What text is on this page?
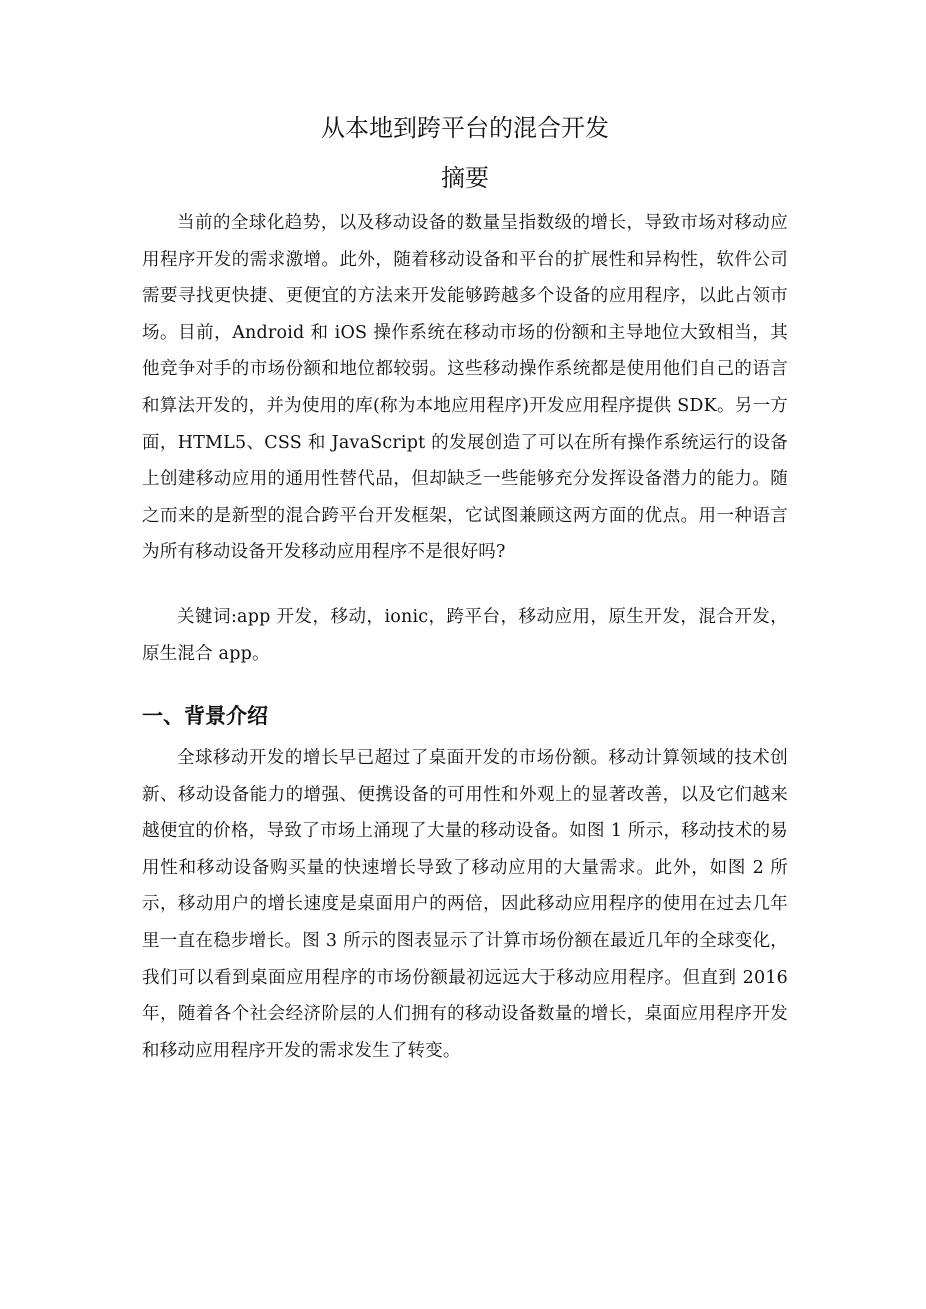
从本地到跨平台的混合开发
摘要

当前的全球化趋势，以及移动设备的数量呈指数级的增长，导致市场对移动应用程序开发的需求激增。此外，随着移动设备和平台的扩展性和异构性，软件公司需要寻找更快捷、更便宜的方法来开发能够跨越多个设备的应用程序，以此占领市场。目前，Android 和 iOS 操作系统在移动市场的份额和主导地位大致相当，其他竞争对手的市场份额和地位都较弱。这些移动操作系统都是使用他们自己的语言和算法开发的，并为使用的库(称为本地应用程序)开发应用程序提供 SDK。另一方面，HTML5、CSS 和 JavaScript 的发展创造了可以在所有操作系统运行的设备上创建移动应用的通用性替代品，但却缺乏一些能够充分发挥设备潜力的能力。随之而来的是新型的混合跨平台开发框架，它试图兼顾这两方面的优点。用一种语言为所有移动设备开发移动应用程序不是很好吗?

关键词:app 开发，移动，ionic，跨平台，移动应用，原生开发，混合开发，原生混合 app。

一、背景介绍

全球移动开发的增长早已超过了桌面开发的市场份额。移动计算领域的技术创新、移动设备能力的增强、便携设备的可用性和外观上的显著改善，以及它们越来越便宜的价格，导致了市场上涌现了大量的移动设备。如图 1 所示，移动技术的易用性和移动设备购买量的快速增长导致了移动应用的大量需求。此外，如图 2 所示，移动用户的增长速度是桌面用户的两倍，因此移动应用程序的使用在过去几年里一直在稳步增长。图 3 所示的图表显示了计算市场份额在最近几年的全球变化，我们可以看到桌面应用程序的市场份额最初远远大于移动应用程序。但直到 2016 年，随着各个社会经济阶层的人们拥有的移动设备数量的增长，桌面应用程序开发和移动应用程序开发的需求发生了转变。
